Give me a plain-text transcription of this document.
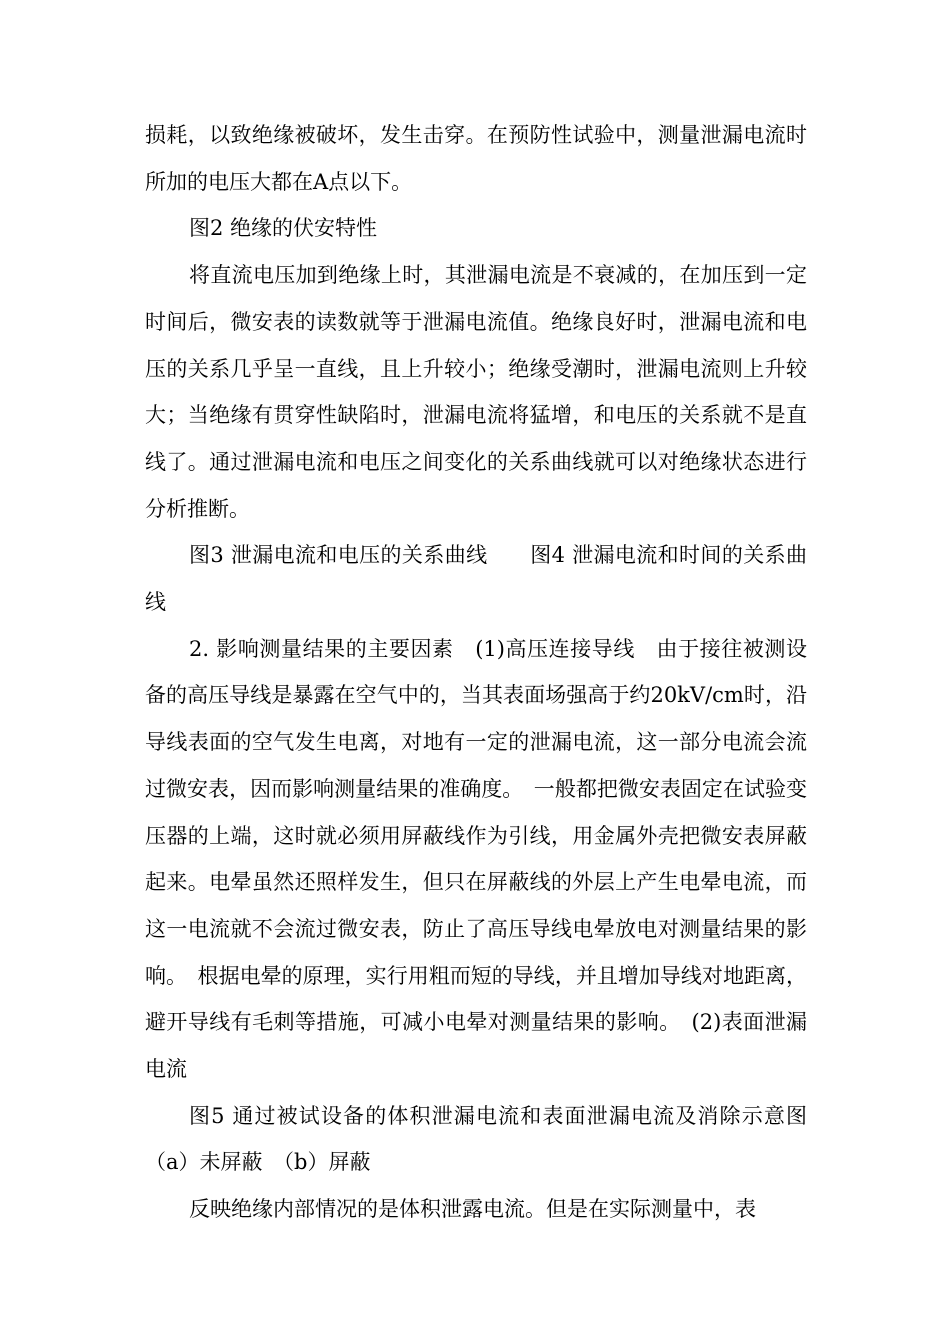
损耗，以致绝缘被破坏，发生击穿。在预防性试验中，测量泄漏电流时所加的电压大都在A点以下。

图2 绝缘的伏安特性

将直流电压加到绝缘上时，其泄漏电流是不衰减的，在加压到一定时间后，微安表的读数就等于泄漏电流值。绝缘良好时，泄漏电流和电压的关系几乎呈一直线，且上升较小；绝缘受潮时，泄漏电流则上升较大；当绝缘有贯穿性缺陷时，泄漏电流将猛增，和电压的关系就不是直线了。通过泄漏电流和电压之间变化的关系曲线就可以对绝缘状态进行分析推断。

图3 泄漏电流和电压的关系曲线　　图4 泄漏电流和时间的关系曲线

2. 影响测量结果的主要因素　(1)高压连接导线　由于接往被测设备的高压导线是暴露在空气中的，当其表面场强高于约20kV/cm时，沿导线表面的空气发生电离，对地有一定的泄漏电流，这一部分电流会流过微安表，因而影响测量结果的准确度。　一般都把微安表固定在试验变压器的上端，这时就必须用屏蔽线作为引线，用金属外壳把微安表屏蔽起来。电晕虽然还照样发生，但只在屏蔽线的外层上产生电晕电流，而这一电流就不会流过微安表，防止了高压导线电晕放电对测量结果的影响。　根据电晕的原理，实行用粗而短的导线，并且增加导线对地距离，避开导线有毛刺等措施，可减小电晕对测量结果的影响。　(2)表面泄漏电流

图5 通过被试设备的体积泄漏电流和表面泄漏电流及消除示意图（a）未屏蔽　（b）屏蔽

反映绝缘内部情况的是体积泄露电流。但是在实际测量中，表
